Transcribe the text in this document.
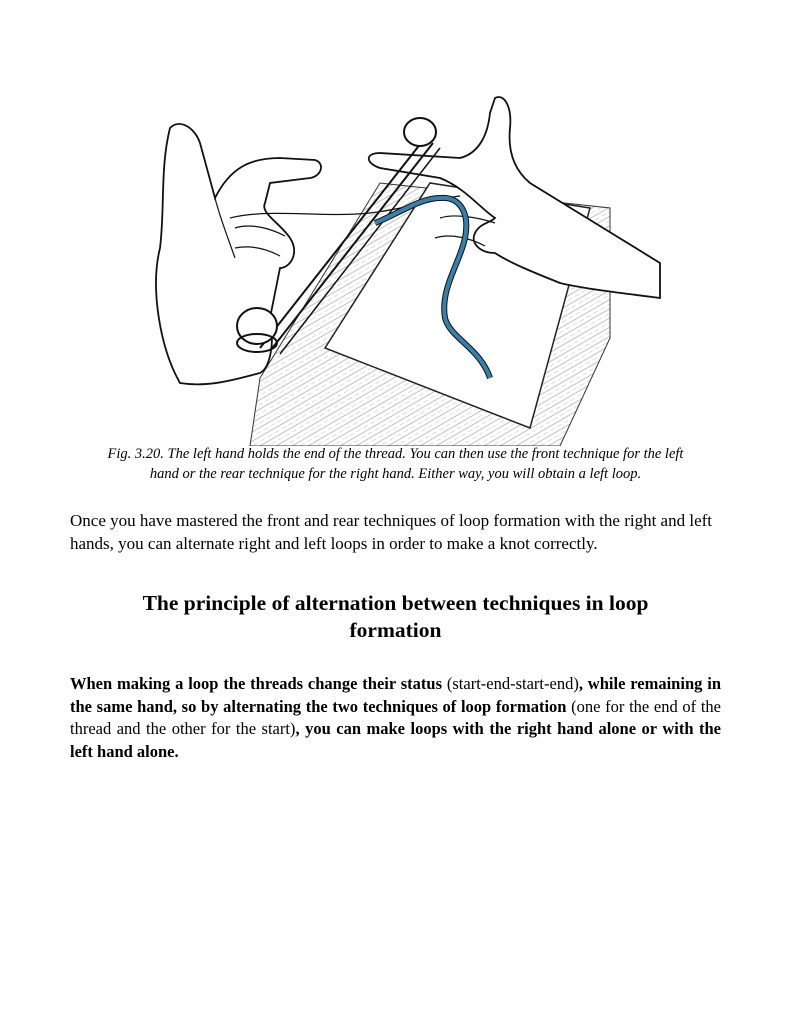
Fig. 3.20. The left hand holds the end of the thread. You can then use the front technique for the left
hand or the rear technique for the right hand. Either way, you will obtain a left loop.

Once you have mastered the front and rear techniques of loop formation with the right and left hands, you can alternate right and left loops in order to make a knot correctly.

The principle of alternation between techniques in loop
formation

When making a loop the threads change their status (start-end-start-end), while remaining in the same hand, so by alternating the two techniques of loop formation (one for the end of the thread and the other for the start), you can make loops with the right hand alone or with the left hand alone.
